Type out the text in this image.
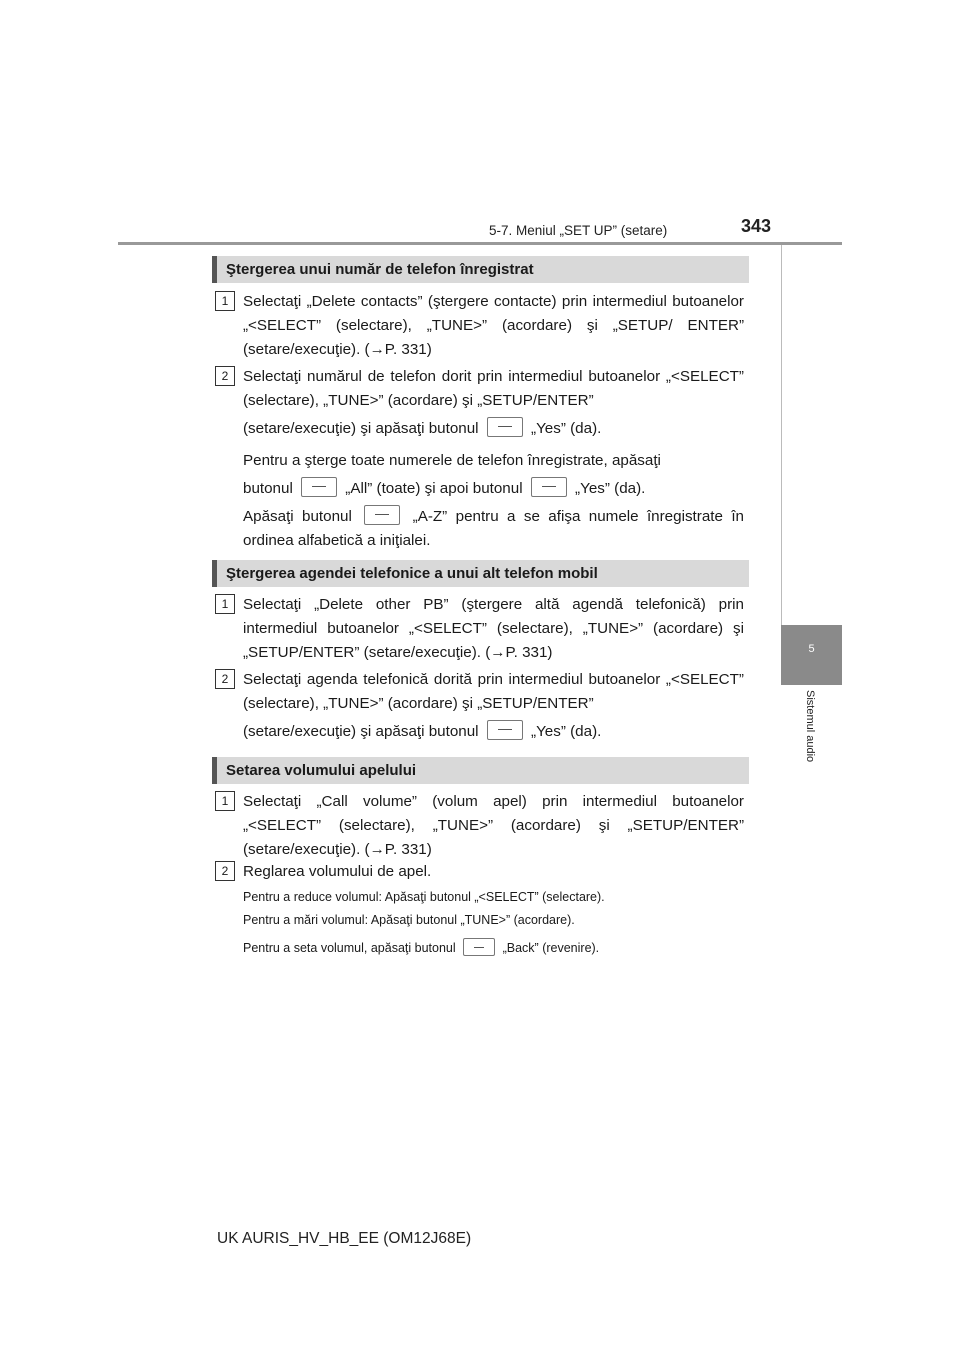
5-7. Meniul „SET UP” (setare)	343
5
Sistemul audio
Ştergerea unui număr de telefon înregistrat
1 Selectaţi „Delete contacts” (ştergere contacte) prin intermediul butoanelor „<SELECT” (selectare), „TUNE>” (acordare) şi „SETUP/ ENTER” (setare/execuţie). (→P. 331)
2 Selectaţi numărul de telefon dorit prin intermediul butoanelor „<SELECT” (selectare), „TUNE>” (acordare) şi „SETUP/ENTER”
(setare/execuţie) şi apăsaţi butonul	„Yes” (da).
Pentru a şterge toate numerele de telefon înregistrate, apăsaţi
butonul	„All” (toate) şi apoi butonul	„Yes” (da).
Apăsaţi butonul	„A-Z” pentru a se afişa numele înregistrate în ordinea alfabetică a iniţialei.
Ştergerea agendei telefonice a unui alt telefon mobil
1 Selectaţi „Delete other PB” (ştergere altă agendă telefonică) prin intermediul butoanelor „<SELECT” (selectare), „TUNE>” (acordare) şi „SETUP/ENTER” (setare/execuţie). (→P. 331)
2 Selectaţi agenda telefonică dorită prin intermediul butoanelor „<SELECT” (selectare), „TUNE>” (acordare) şi „SETUP/ENTER”
(setare/execuţie) şi apăsaţi butonul	„Yes” (da).
Setarea volumului apelului
1 Selectaţi „Call volume” (volum apel) prin intermediul butoanelor „<SELECT” (selectare), „TUNE>” (acordare) şi „SETUP/ENTER” (setare/execuţie). (→P. 331)
2 Reglarea volumului de apel.
Pentru a reduce volumul: Apăsaţi butonul „<SELECT” (selectare).
Pentru a mări volumul: Apăsaţi butonul „TUNE>” (acordare).
Pentru a seta volumul, apăsaţi butonul	„Back” (revenire).
UK AURIS_HV_HB_EE (OM12J68E)
